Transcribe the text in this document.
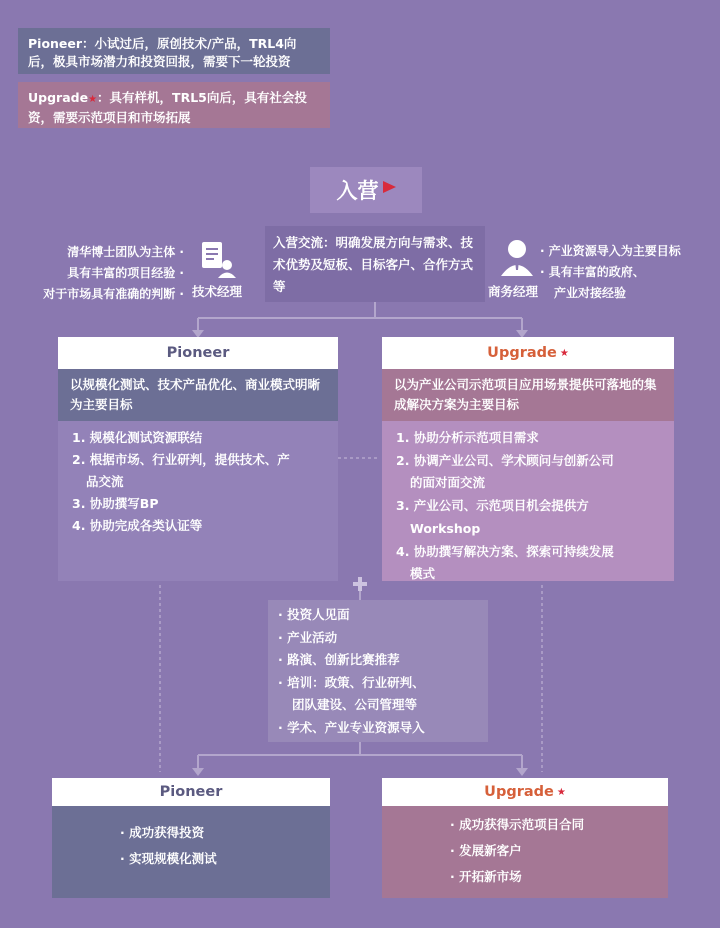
Pioneer：小试过后，原创技术/产品，TRL4向后，极具市场潜力和投资回报，需要下一轮投资
Upgrade★：具有样机，TRL5向后，具有社会投资，需要示范项目和市场拓展
入营
清华博士团队为主体 ·
具有丰富的项目经验 ·
对于市场具有准确的判断 · 技术经理
入营交流：明确发展方向与需求、技术优势及短板、目标客户、合作方式等	商务经理
· 产业资源导入为主要目标
· 具有丰富的政府、
产业对接经验
Pioneer
以规模化测试、技术产品优化、商业模式明晰为主要目标
1. 规模化测试资源联结
2. 根据市场、行业研判，提供技术、产
品交流
3. 协助撰写BP
4. 协助完成各类认证等
Upgrade ★
以为产业公司示范项目应用场景提供可落地的集成解决方案为主要目标
1. 协助分析示范项目需求
2. 协调产业公司、学术顾问与创新公司
的面对面交流
3. 产业公司、示范项目机会提供方
Workshop
4. 协助撰写解决方案、探索可持续发展
模式
· 投资人见面
· 产业活动
· 路演、创新比赛推荐
· 培训：政策、行业研判、
团队建设、公司管理等
· 学术、产业专业资源导入
Pioneer
· 成功获得投资
· 实现规模化测试
Upgrade ★
· 成功获得示范项目合同
· 发展新客户
· 开拓新市场
